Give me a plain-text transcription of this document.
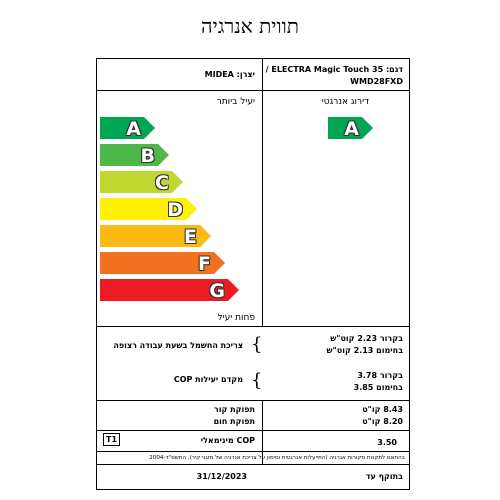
תווית אנרגיה
דגם: ELECTRA Magic Touch 35 /
WMD28FXD
יצרן: MIDEA
יעיל ביותר
A
B
C
D
E
F
G
פחות יעיל
דירוג אנרגטי
A
בקרור 2.23 קוט"ש
בחימום 2.13 קוט"ש
{
צריכת החשמל בשעת עבודה רצופה
בקרור 3.78
בחימום 3.85
{
מקדם יעילות COP
8.43 קו"ט
8.20 קו"ט
תפוקת קור
תפוקת חום
3.50
COP מינימאלי
T1
בהתאם לתקנות מקורות אנרגיה (התייעלות אנרגטית וסימון על צריכת אנרגיה של מזגני קיר), התשס"ד-2004
בתוקף עד
31/12/2023
